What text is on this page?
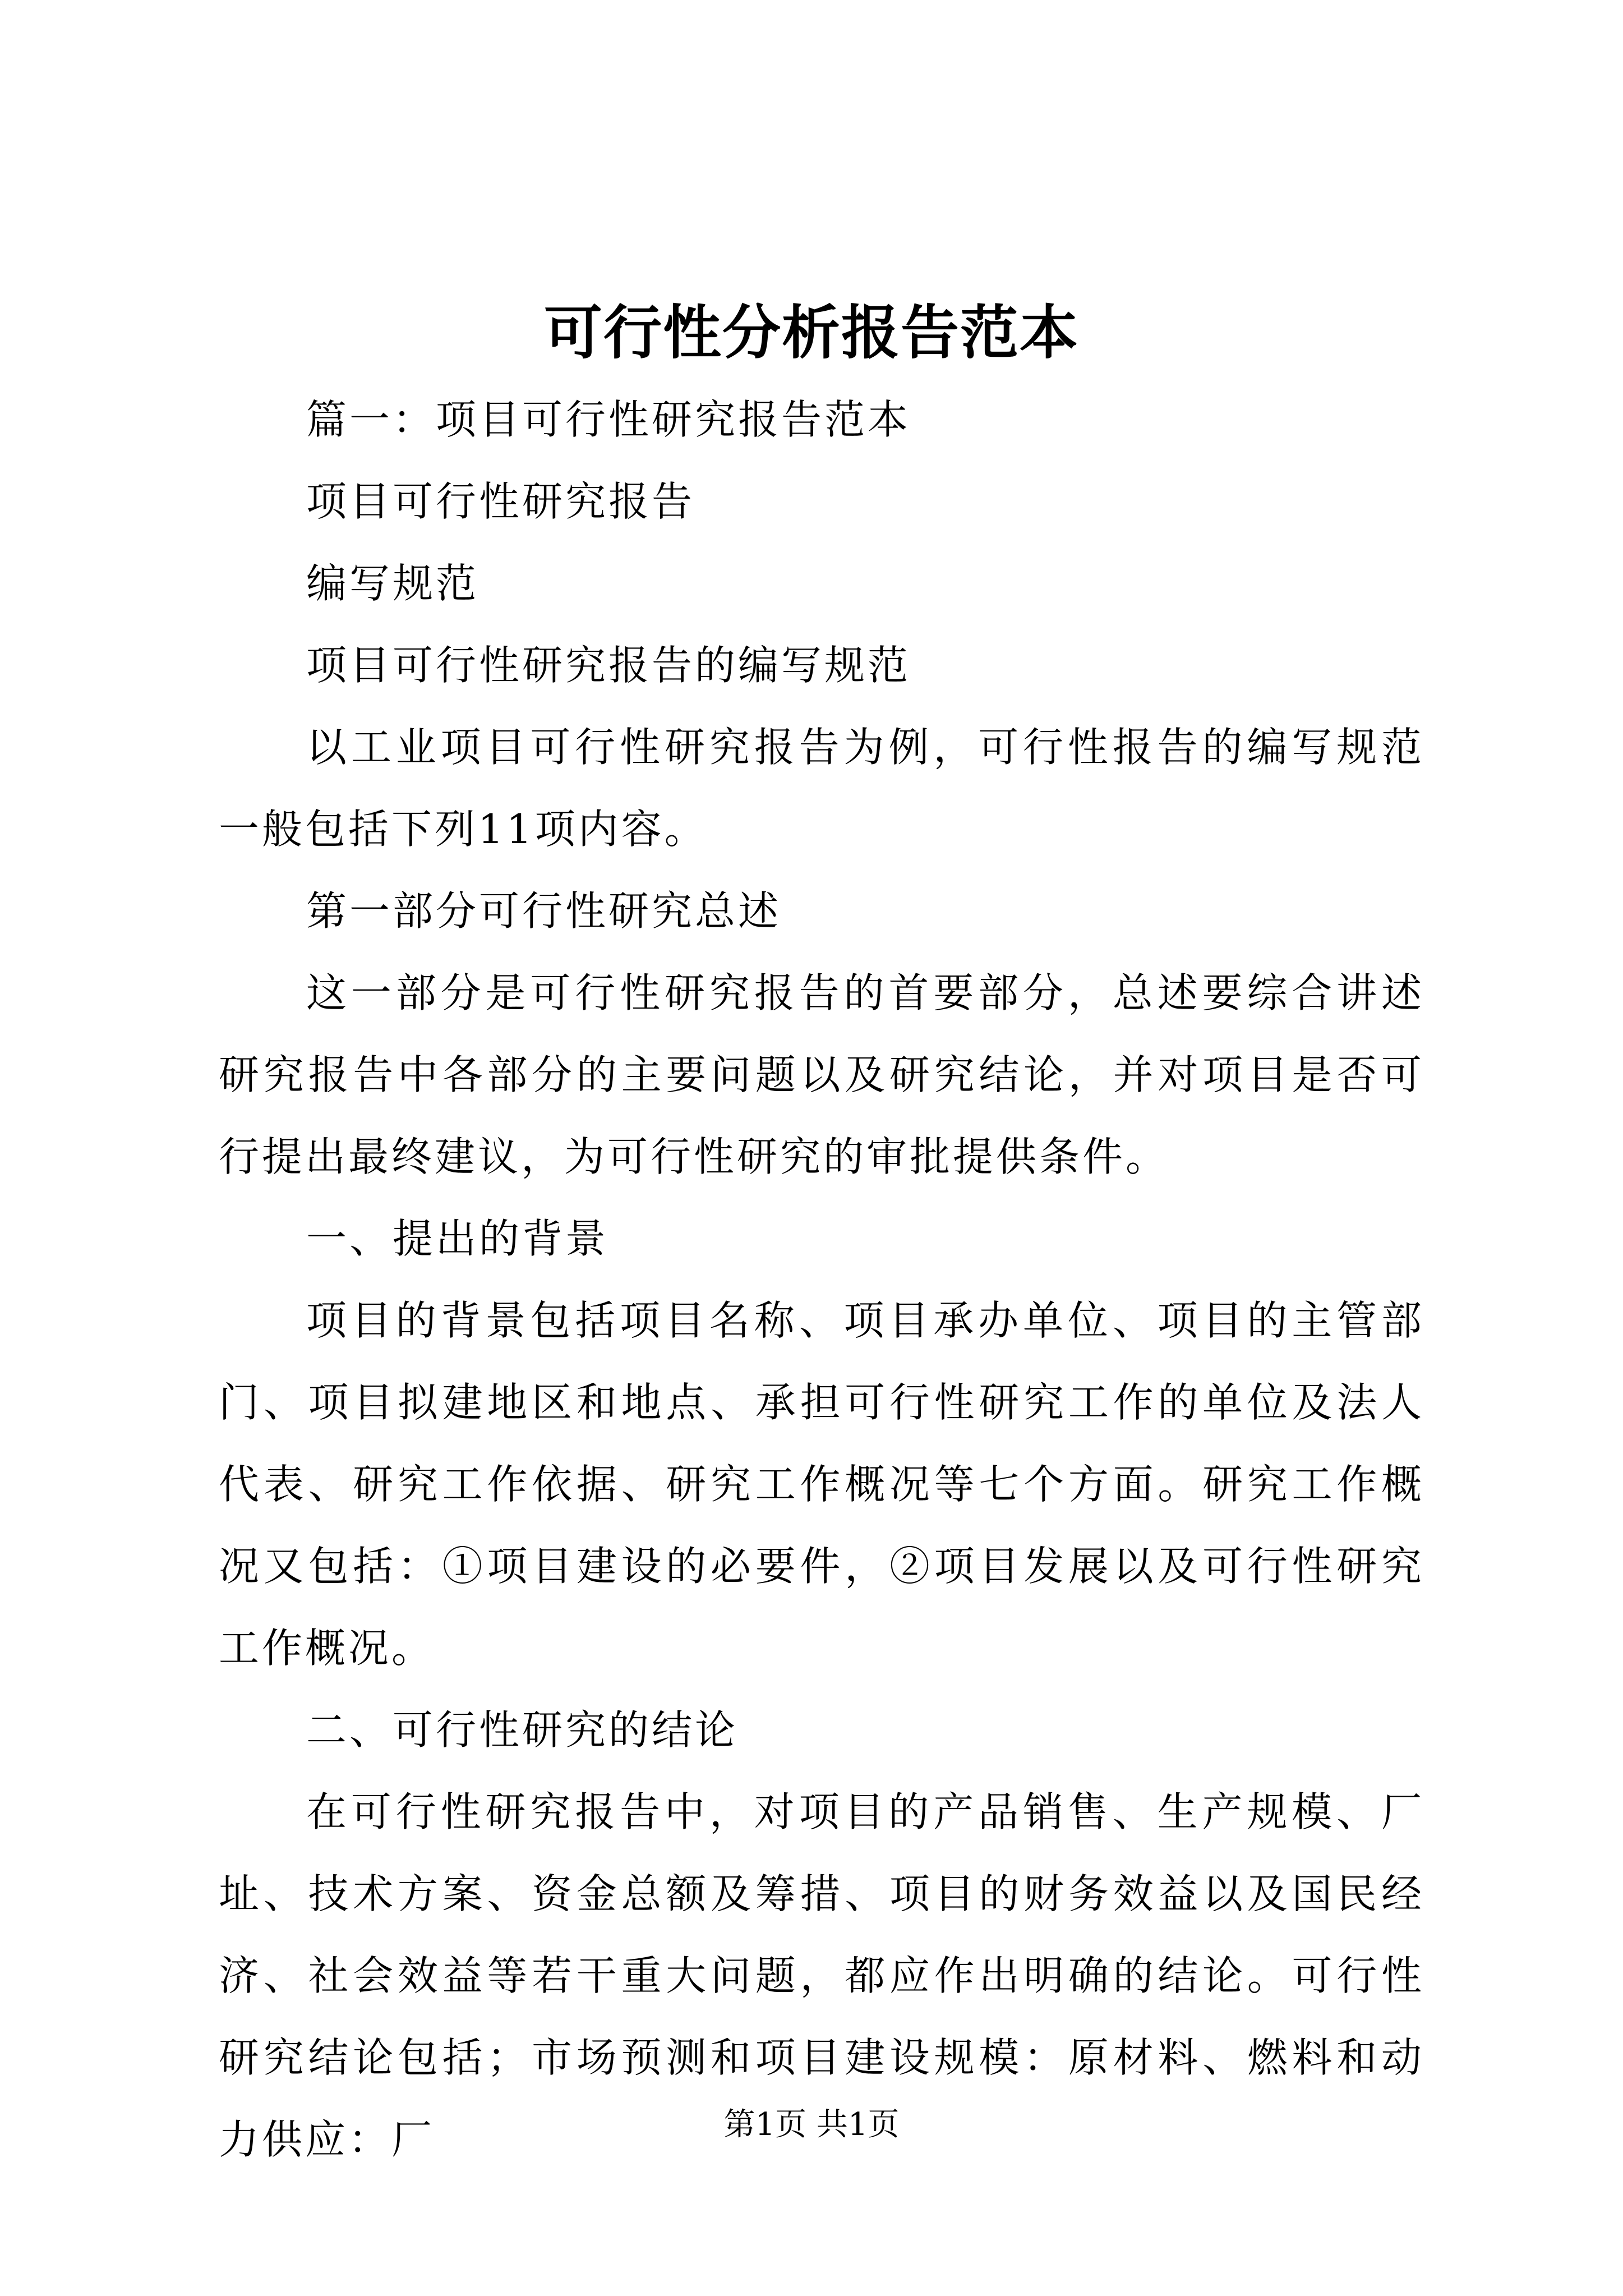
可行性分析报告范本

篇一：项目可行性研究报告范本

项目可行性研究报告

编写规范

项目可行性研究报告的编写规范

以工业项目可行性研究报告为例，可行性报告的编写规范一般包括下列11项内容。

第一部分可行性研究总述

这一部分是可行性研究报告的首要部分，总述要综合讲述研究报告中各部分的主要问题以及研究结论，并对项目是否可行提出最终建议，为可行性研究的审批提供条件。

一、提出的背景

项目的背景包括项目名称、项目承办单位、项目的主管部门、项目拟建地区和地点、承担可行性研究工作的单位及法人代表、研究工作依据、研究工作概况等七个方面。研究工作概况又包括：①项目建设的必要件，②项目发展以及可行性研究工作概况。

二、可行性研究的结论

在可行性研究报告中，对项目的产品销售、生产规模、厂址、技术方案、资金总额及筹措、项目的财务效益以及国民经济、社会效益等若干重大问题，都应作出明确的结论。可行性研究结论包括；市场预测和项目建设规模：原材料、燃料和动力供应：厂	第1页 共1页
